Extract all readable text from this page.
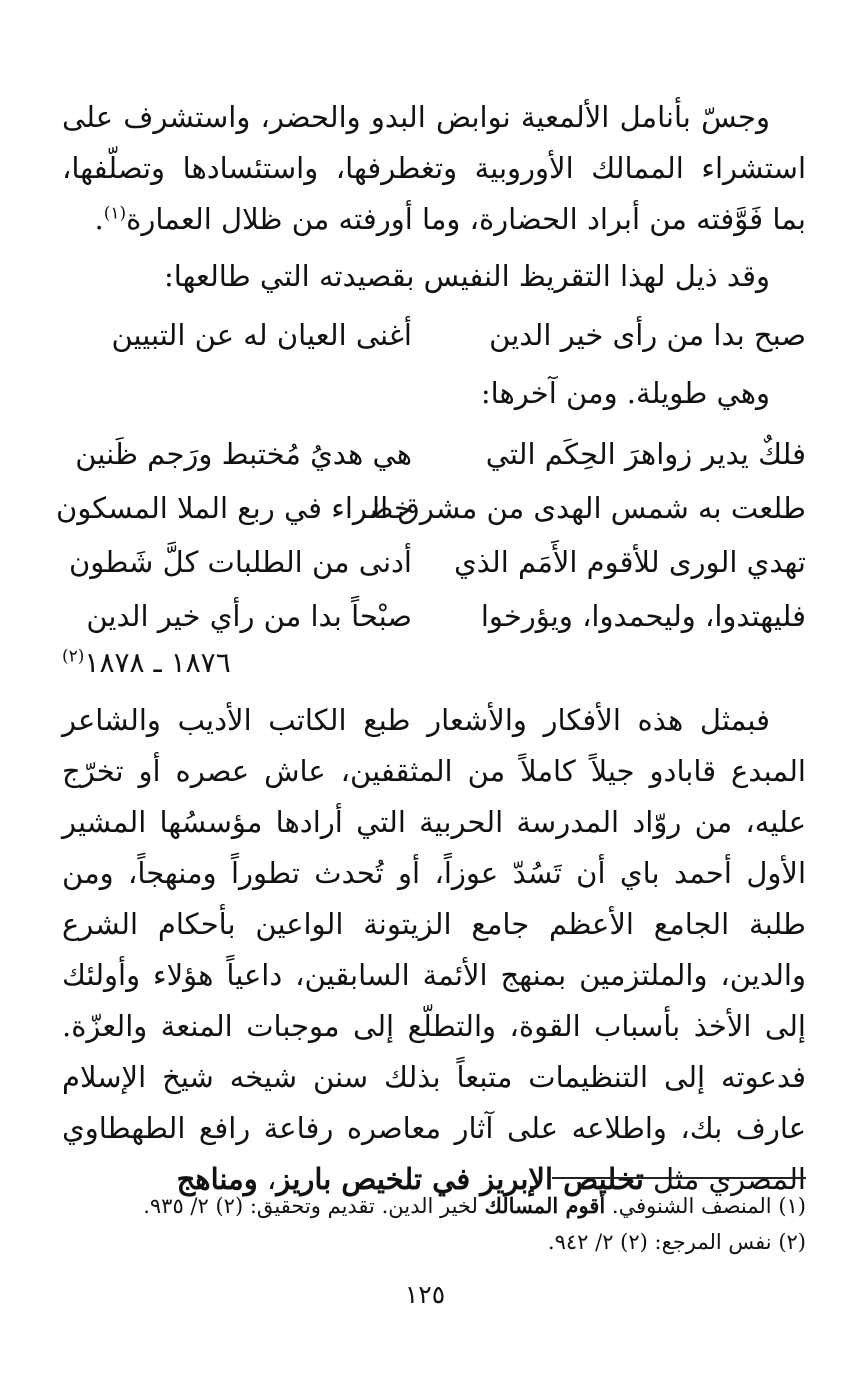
وجسّ بأنامل الألمعية نوابض البدو والحضر، واستشرف على استشراء الممالك الأوروبية وتغطرفها، واستئسادها وتصلّفها، بما فَوَّفته من أبراد الحضارة، وما أورفته من ظلال العمارة$^{(١)}$.

وقد ذيل لهذا التقريظ النفيس بقصيدته التي طالعها:

صبح بدا من رأى خير الدين
أغنى العيان له عن التبيين

وهي طويلة. ومن آخرها:

فلكٌ يدير زواهرَ الحِكَم التي
هي هديُ مُختبط ورَجم ظَنين
طلعت به شمس الهدى من مشرق الـ
خضراء في ربع الملا المسكون
تهدي الورى للأقوم الأَمَم الذي
أدنى من الطلبات كلَّ شَطون
فليهتدوا، وليحمدوا، ويؤرخوا
صبْحاً بدا من رأي خير الدين
١٨٧٦ ـ ١٨٧٨$^{(٢)}$

فبمثل هذه الأفكار والأشعار طبع الكاتب الأديب والشاعر المبدع قابادو جيلاً كاملاً من المثقفين، عاش عصره أو تخرّج عليه، من روّاد المدرسة الحربية التي أرادها مؤسسُها المشير الأول أحمد باي أن تَسُدّ عوزاً، أو تُحدث تطوراً ومنهجاً، ومن طلبة الجامع الأعظم جامع الزيتونة الواعين بأحكام الشرع والدين، والملتزمين بمنهج الأئمة السابقين، داعياً هؤلاء وأولئك إلى الأخذ بأسباب القوة، والتطلّع إلى موجبات المنعة والعزّة. فدعوته إلى التنظيمات متبعاً بذلك سنن شيخه شيخ الإسلام عارف بك، واطلاعه على آثار معاصره رفاعة رافع الطهطاوي المصري مثل تخليص الإبريز في تلخيص باريز، ومناهج

(١) المنصف الشنوفي. أقوم المسالك لخير الدين. تقديم وتحقيق: (٢) ٢/ ٩٣٥.
(٢) نفس المرجع: (٢) ٢/ ٩٤٢.
١٢٥
